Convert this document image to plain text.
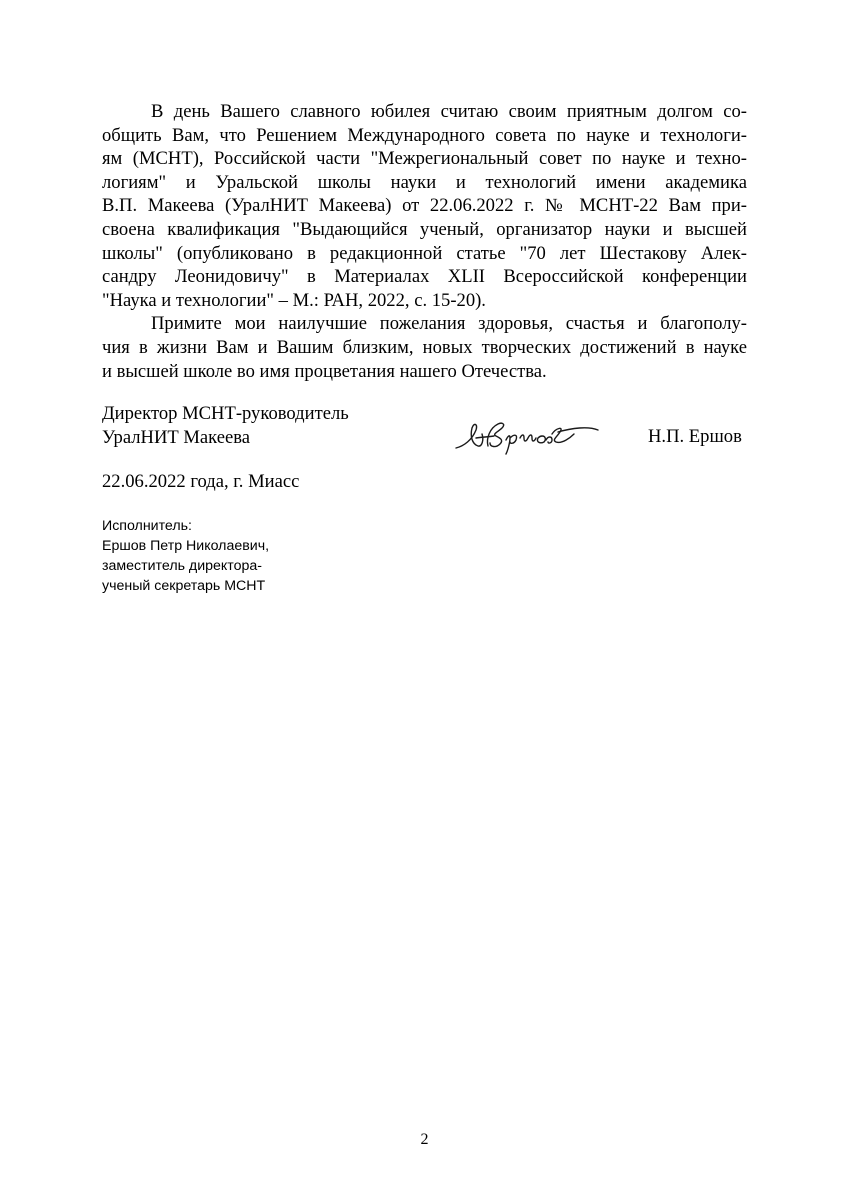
В день Вашего славного юбилея считаю своим приятным долгом со-
общить Вам, что Решением Международного совета по науке и технологи-
ям (МСНТ), Российской части "Межрегиональный совет по науке и техно-
логиям" и Уральской школы науки и технологий имени академика
В.П. Макеева (УралНИТ Макеева) от 22.06.2022 г. № МСНТ-22 Вам при-
своена квалификация "Выдающийся ученый, организатор науки и высшей
школы" (опубликовано в редакционной статье "70 лет Шестакову Алек-
сандру Леонидовичу" в Материалах XLII Всероссийской конференции
"Наука и технологии" – М.: РАН, 2022, с. 15-20).

Примите мои наилучшие пожелания здоровья, счастья и благополу-
чия в жизни Вам и Вашим близким, новых творческих достижений в науке
и высшей школе во имя процветания нашего Отечества.

Директор МСНТ-руководитель
УралНИТ Макеева	Н.П. Ершов
22.06.2022 года, г. Миасс
Исполнитель:
Ершов Петр Николаевич,
заместитель директора-
ученый секретарь МСНТ
2
